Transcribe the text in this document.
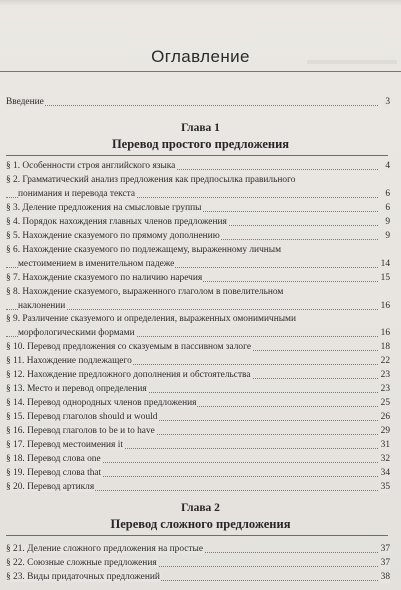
Оглавление
Введение	3
Глава 1
Перевод простого предложения
§ 1. Особенности строя английского языка	4
§ 2. Грамматический анализ предложения как предпосылка правильного
понимания и перевода текста	6
§ 3. Деление предложения на смысловые группы	6
§ 4. Порядок нахождения главных членов предложения	9
§ 5. Нахождение сказуемого по прямому дополнению	9
§ 6. Нахождение сказуемого по подлежащему, выраженному личным
местоимением в именительном падеже	14
§ 7. Нахождение сказуемого по наличию наречия	15
§ 8. Нахождение сказуемого, выраженного глаголом в повелительном
наклонении	16
§ 9. Различение сказуемого и определения, выраженных омонимичными
морфологическими формами	16
§ 10. Перевод предложения со сказуемым в пассивном залоге	18
§ 11. Нахождение подлежащего	22
§ 12. Нахождение предложного дополнения и обстоятельства	23
§ 13. Место и перевод определения	23
§ 14. Перевод однородных членов предложения	25
§ 15. Перевод глаголов should и would	26
§ 16. Перевод глаголов to be и to have	29
§ 17. Перевод местоимения it	31
§ 18. Перевод слова one	32
§ 19. Перевод слова that	34
§ 20. Перевод артикля	35
Глава 2
Перевод сложного предложения
§ 21. Деление сложного предложения на простые	37
§ 22. Союзные сложные предложения	37
§ 23. Виды придаточных предложений	38
